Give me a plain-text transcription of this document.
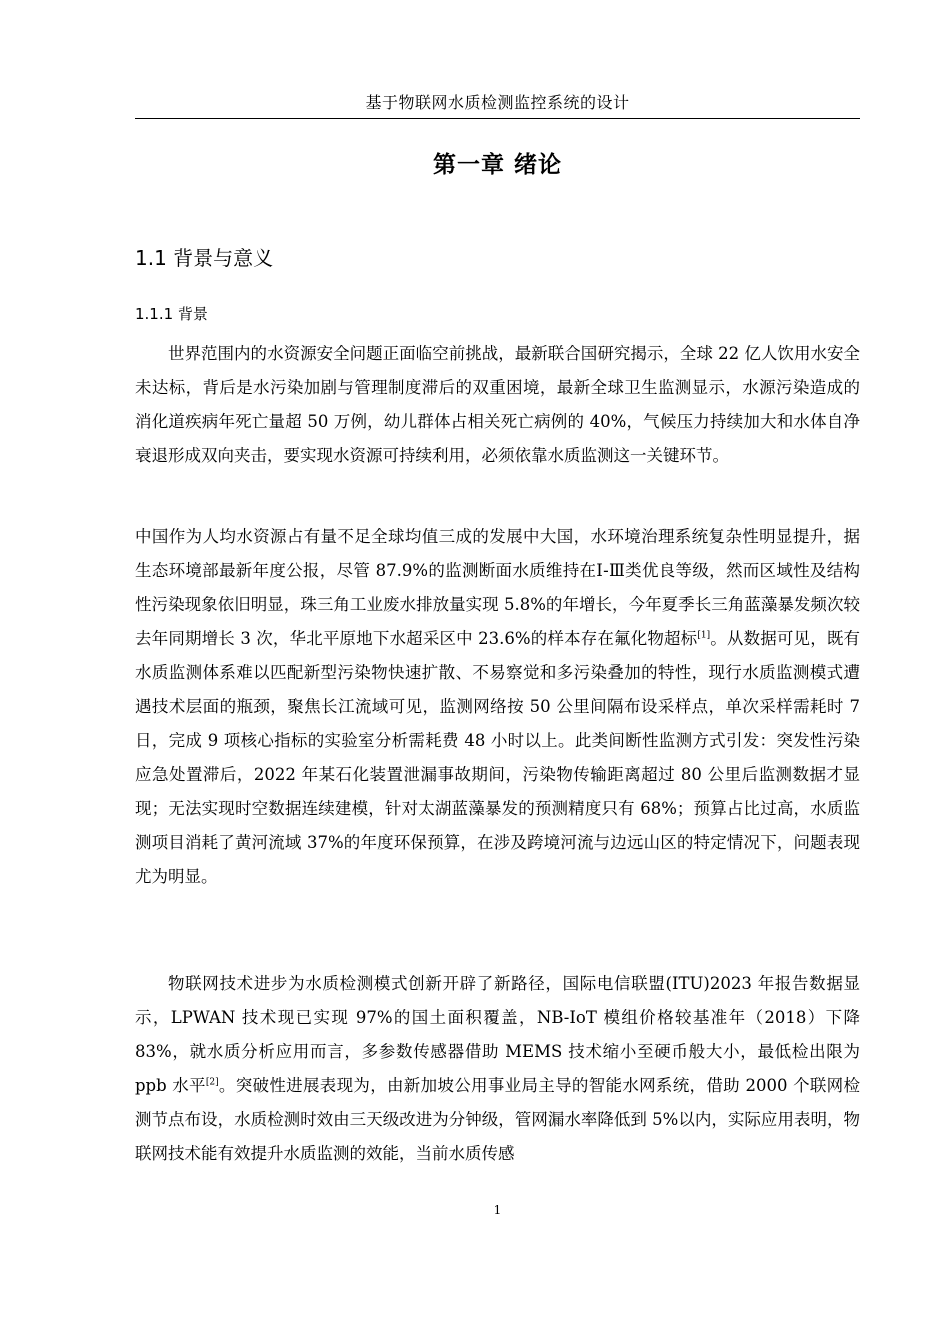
基于物联网水质检测监控系统的设计
第一章 绪论
1.1 背景与意义
1.1.1 背景

世界范围内的水资源安全问题正面临空前挑战，最新联合国研究揭示，全球 22 亿人饮用水安全未达标，背后是水污染加剧与管理制度滞后的双重困境，最新全球卫生监测显示，水源污染造成的消化道疾病年死亡量超 50 万例，幼儿群体占相关死亡病例的 40%，气候压力持续加大和水体自净衰退形成双向夹击，要实现水资源可持续利用，必须依靠水质监测这一关键环节。

中国作为人均水资源占有量不足全球均值三成的发展中大国，水环境治理系统复杂性明显提升，据生态环境部最新年度公报，尽管 87.9%的监测断面水质维持在Ⅰ-Ⅲ类优良等级，然而区域性及结构性污染现象依旧明显，珠三角工业废水排放量实现 5.8%的年增长，今年夏季长三角蓝藻暴发频次较去年同期增长 3 次，华北平原地下水超采区中 23.6%的样本存在氟化物超标[1]。从数据可见，既有水质监测体系难以匹配新型污染物快速扩散、不易察觉和多污染叠加的特性，现行水质监测模式遭遇技术层面的瓶颈，聚焦长江流域可见，监测网络按 50 公里间隔布设采样点，单次采样需耗时 7 日，完成 9 项核心指标的实验室分析需耗费 48 小时以上。此类间断性监测方式引发：突发性污染应急处置滞后，2022 年某石化装置泄漏事故期间，污染物传输距离超过 80 公里后监测数据才显现；无法实现时空数据连续建模，针对太湖蓝藻暴发的预测精度只有 68%；预算占比过高，水质监测项目消耗了黄河流域 37%的年度环保预算，在涉及跨境河流与边远山区的特定情况下，问题表现尤为明显。

物联网技术进步为水质检测模式创新开辟了新路径，国际电信联盟(ITU)2023 年报告数据显示，LPWAN 技术现已实现 97%的国土面积覆盖，NB-IoT 模组价格较基准年（2018）下降 83%，就水质分析应用而言，多参数传感器借助 MEMS 技术缩小至硬币般大小，最低检出限为 ppb 水平[2]。突破性进展表现为，由新加坡公用事业局主导的智能水网系统，借助 2000 个联网检测节点布设，水质检测时效由三天级改进为分钟级，管网漏水率降低到 5%以内，实际应用表明，物联网技术能有效提升水质监测的效能，当前水质传感

1
